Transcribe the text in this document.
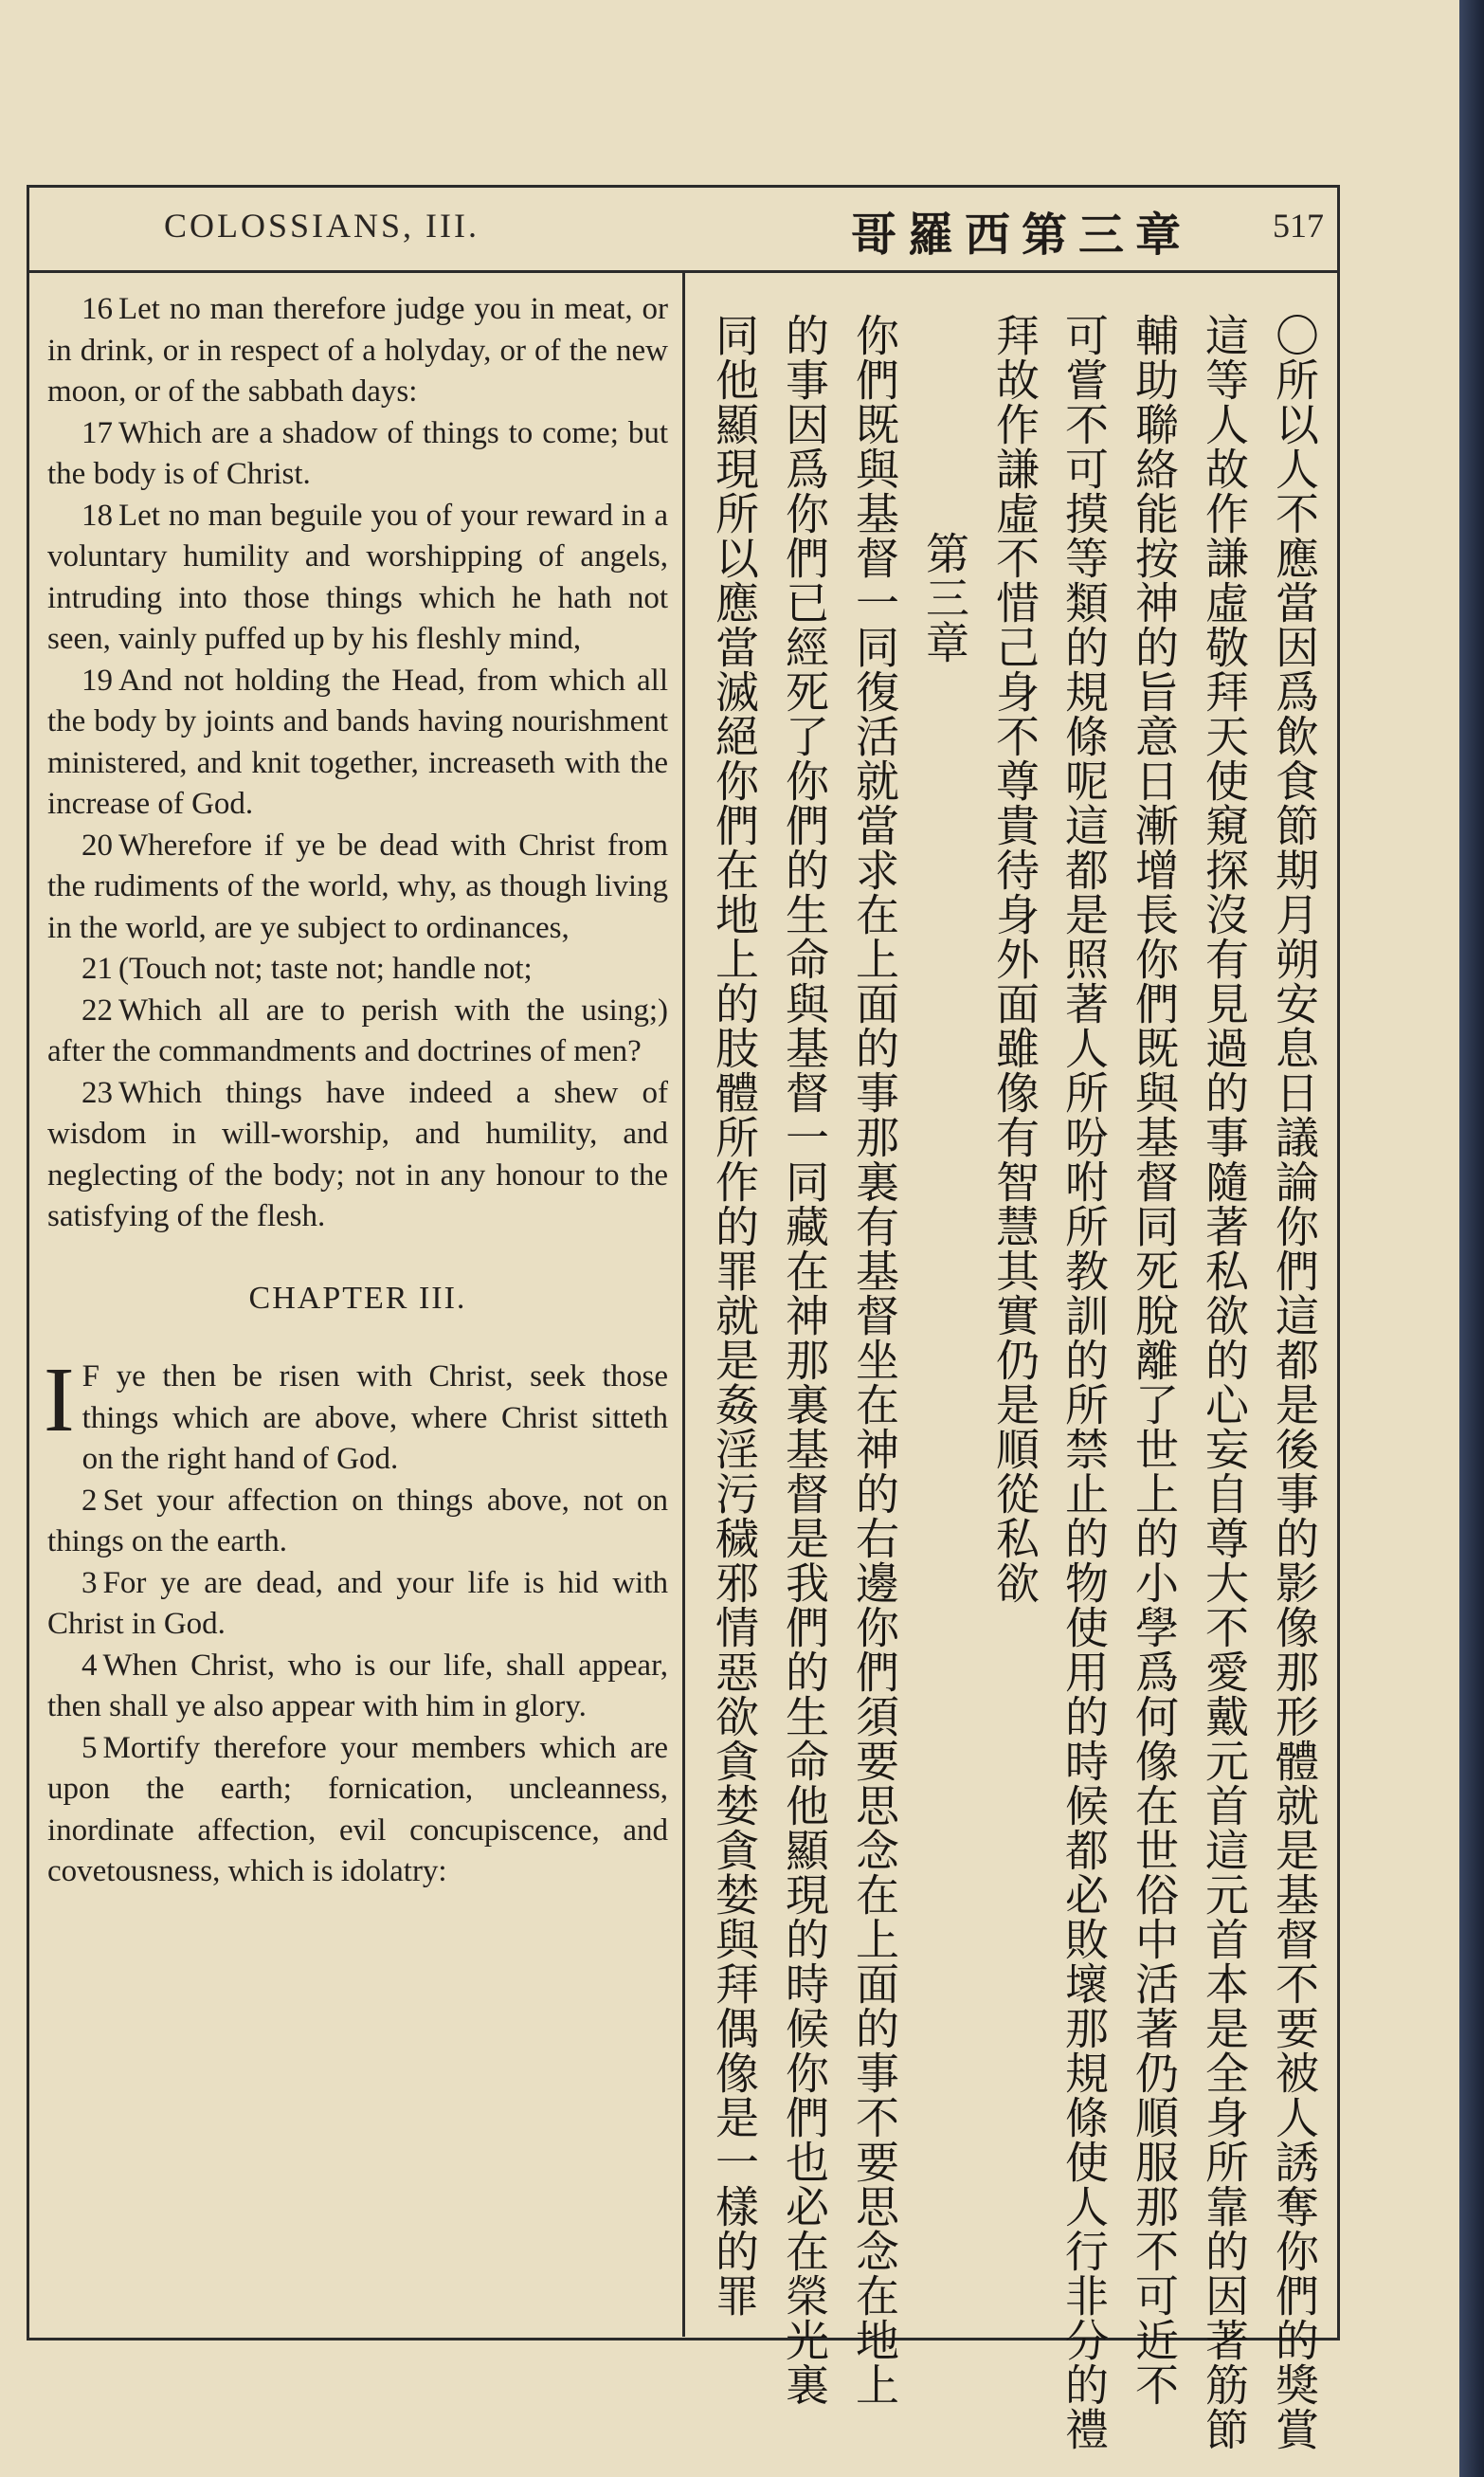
COLOSSIANS, III.	哥羅西第三章 517

16 Let no man therefore judge you in meat, or in drink, or in respect of a holyday, or of the new moon, or of the sabbath days:

17 Which are a shadow of things to come; but the body is of Christ.

18 Let no man beguile you of your reward in a voluntary humility and worshipping of angels, intruding into those things which he hath not seen, vainly puffed up by his fleshly mind,

19 And not holding the Head, from which all the body by joints and bands having nourishment ministered, and knit together, increaseth with the increase of God.

20 Wherefore if ye be dead with Christ from the rudiments of the world, why, as though living in the world, are ye subject to ordinances,

21 (Touch not; taste not; handle not;

22 Which all are to perish with the using;) after the commandments and doctrines of men?

23 Which things have indeed a shew of wisdom in will-worship, and humility, and neglecting of the body; not in any honour to the satisfying of the flesh.

CHAPTER III.

I F ye then be risen with Christ, seek those things which are above, where Christ sitteth on the right hand of God.

2 Set your affection on things above, not on things on the earth.

3 For ye are dead, and your life is hid with Christ in God.

4 When Christ, who is our life, shall appear, then shall ye also appear with him in glory.

5 Mortify therefore your members which are upon the earth; fornication, uncleanness, inordinate affection, evil concupiscence, and covetousness, which is idolatry:	〇所以人不應當因爲飲食節期月朔安息日議論你們這都是後事的影像那形體就是基督不要被人誘奪你們的獎賞
這等人故作謙虛敬拜天使窺探沒有見過的事隨著私欲的心妄自尊大不愛戴元首這元首本是全身所靠的因著筋節
輔助聯絡能按神的旨意日漸增長你們既與基督同死脫離了世上的小學爲何像在世俗中活著仍順服那不可近不
可嘗不可摸等類的規條呢這都是照著人所吩咐所教訓的所禁止的物使用的時候都必敗壞那規條使人行非分的禮
拜故作謙虛不惜己身不尊貴待身外面雖像有智慧其實仍是順從私欲
第三章
你們既與基督一同復活就當求在上面的事那裏有基督坐在神的右邊你們須要思念在上面的事不要思念在地上
的事因爲你們已經死了你們的生命與基督一同藏在神那裏基督是我們的生命他顯現的時候你們也必在榮光裏
同他顯現所以應當滅絕你們在地上的肢體所作的罪就是姦淫污穢邪情惡欲貪婪貪婪與拜偶像是一樣的罪
